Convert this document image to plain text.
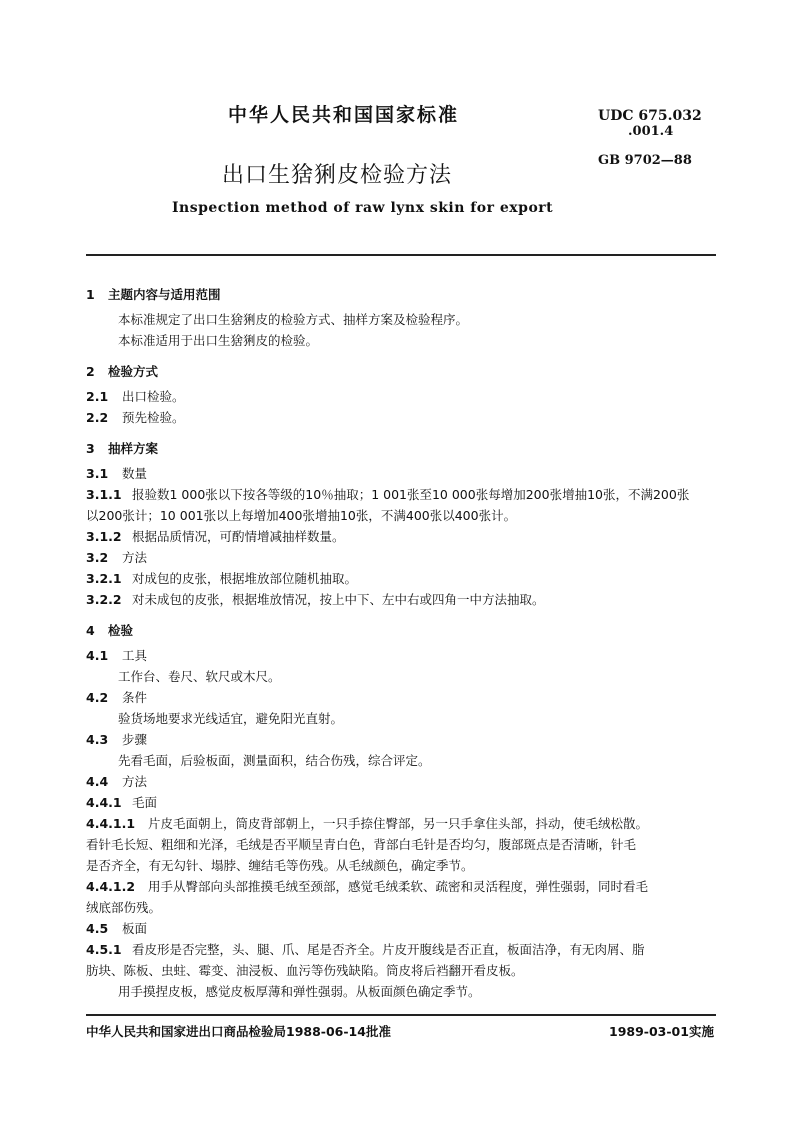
中华人民共和国国家标准	UDC 675.032
.001.4
GB 9702—88
出口生猞猁皮检验方法
Inspection method of raw lynx skin for export
1 主题内容与适用范围
本标准规定了出口生猞猁皮的检验方式、抽样方案及检验程序。
本标准适用于出口生猞猁皮的检验。
2 检验方式
2.1 出口检验。
2.2 预先检验。
3 抽样方案
3.1 数量
3.1.1 报验数1 000张以下按各等级的10％抽取；1 001张至10 000张每增加200张增抽10张，不满200张
以200张计；10 001张以上每增加400张增抽10张，不满400张以400张计。
3.1.2 根据品质情况，可酌情增减抽样数量。
3.2 方法
3.2.1 对成包的皮张，根据堆放部位随机抽取。
3.2.2 对未成包的皮张，根据堆放情况，按上中下、左中右或四角一中方法抽取。
4 检验
4.1 工具
工作台、卷尺、软尺或木尺。
4.2 条件
验货场地要求光线适宜，避免阳光直射。
4.3 步骤
先看毛面，后验板面，测量面积，结合伤残，综合评定。
4.4 方法
4.4.1 毛面
4.4.1.1 片皮毛面朝上，筒皮背部朝上，一只手捺住臀部，另一只手拿住头部，抖动，使毛绒松散。
看针毛长短、粗细和光泽，毛绒是否平顺呈青白色，背部白毛针是否均匀，腹部斑点是否清晰，针毛
是否齐全，有无勾针、塌脖、缠结毛等伤残。从毛绒颜色，确定季节。
4.4.1.2 用手从臀部向头部推摸毛绒至颈部，感觉毛绒柔软、疏密和灵活程度，弹性强弱，同时看毛
绒底部伤残。
4.5 板面
4.5.1 看皮形是否完整，头、腿、爪、尾是否齐全。片皮开腹线是否正直，板面洁净，有无肉屑、脂
肪块、陈板、虫蛀、霉变、油浸板、血污等伤残缺陷。筒皮将后裆翻开看皮板。
用手摸捏皮板，感觉皮板厚薄和弹性强弱。从板面颜色确定季节。
中华人民共和国家进出口商品检验局1988-06-14批准	1989-03-01实施
